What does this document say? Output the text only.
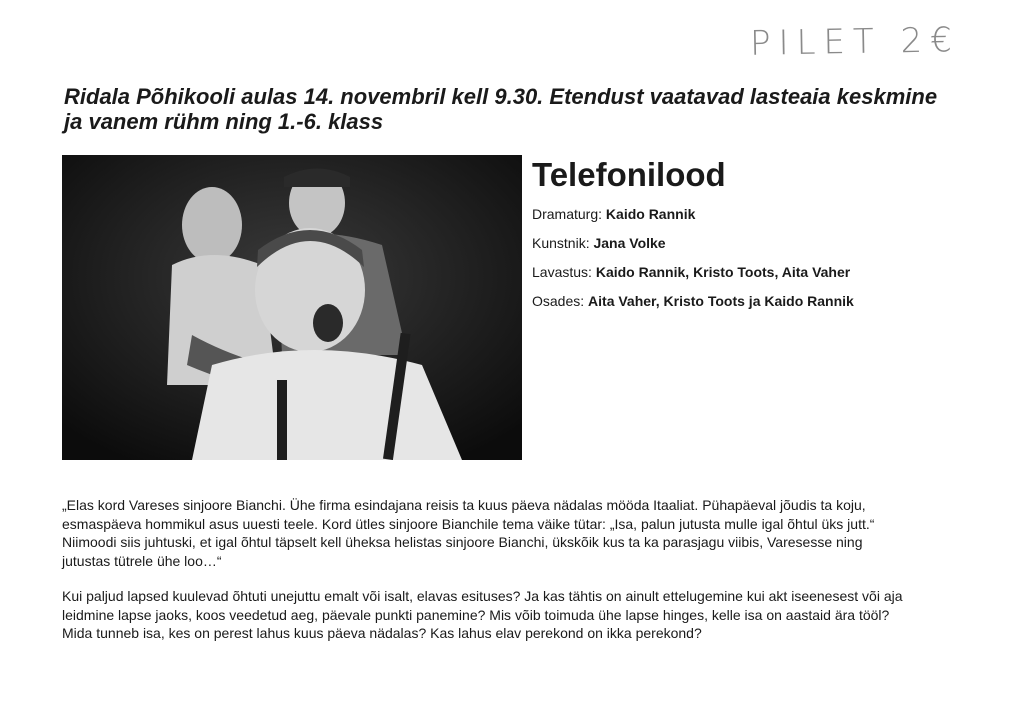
PILET 2€
Ridala Põhikooli aulas 14. novembril kell 9.30. Etendust vaatavad lasteaia keskmine
ja vanem rühm ning 1.-6. klass
Telefonilood
Dramaturg: Kaido Rannik
Kunstnik: Jana Volke
Lavastus: Kaido Rannik, Kristo Toots, Aita Vaher
Osades: Aita Vaher, Kristo Toots ja Kaido Rannik
„Elas kord Vareses sinjoore Bianchi. Ühe firma esindajana reisis ta kuus päeva nädalas mööda Itaaliat. Pühapäeval jõudis ta koju,
esmaspäeva hommikul asus uuesti teele. Kord ütles sinjoore Bianchile tema väike tütar: „Isa, palun jutusta mulle igal õhtul üks jutt.“
Niimoodi siis juhtuski, et igal õhtul täpselt kell üheksa helistas sinjoore Bianchi, ükskõik kus ta ka parasjagu viibis, Varesesse ning
jutustas tütrele ühe loo…“
Kui paljud lapsed kuulevad õhtuti unejuttu emalt või isalt, elavas esituses? Ja kas tähtis on ainult ettelugemine kui akt iseenesest või aja
leidmine lapse jaoks, koos veedetud aeg, päevale punkti panemine? Mis võib toimuda ühe lapse hinges, kelle isa on aastaid ära tööl?
Mida tunneb isa, kes on perest lahus kuus päeva nädalas? Kas lahus elav perekond on ikka perekond?
